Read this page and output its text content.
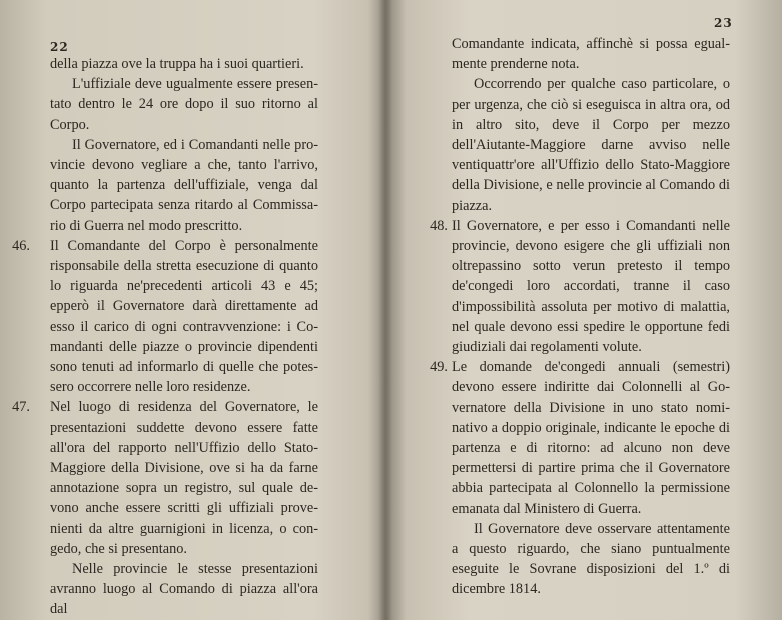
22

della piazza ove la truppa ha i suoi quartieri.

L'uffiziale deve ugualmente essere presentato dentro le 24 ore dopo il suo ritorno al Corpo.

Il Governatore, ed i Comandanti nelle provincie devono vegliare a che, tanto l'arrivo, quanto la partenza dell'uffiziale, venga dal Corpo partecipata senza ritardo al Commissario di Guerra nel modo prescritto.

46. Il Comandante del Corpo è personalmente risponsabile della stretta esecuzione di quanto lo riguarda ne'precedenti articoli 43 e 45; epperò il Governatore darà direttamente ad esso il carico di ogni contravvenzione: i Comandanti delle piazze o provincie dipendenti sono tenuti ad informarlo di quelle che potessero occorrere nelle loro residenze.

47. Nel luogo di residenza del Governatore, le presentazioni suddette devono essere fatte all'ora del rapporto nell'Uffizio dello Stato-Maggiore della Divisione, ove si ha da farne annotazione sopra un registro, sul quale devono anche essere scritti gli uffiziali provenienti da altre guarnigioni in licenza, o congedo, che si presentano.

Nelle provincie le stesse presentazioni avranno luogo al Comando di piazza all'ora dal

23

Comandante indicata, affinchè si possa egualmente prenderne nota.

Occorrendo per qualche caso particolare, o per urgenza, che ciò si eseguisca in altra ora, od in altro sito, deve il Corpo per mezzo dell'Aiutante-Maggiore darne avviso nelle ventiquattr'ore all'Uffizio dello Stato-Maggiore della Divisione, e nelle provincie al Comando di piazza.

48. Il Governatore, e per esso i Comandanti nelle provincie, devono esigere che gli uffiziali non oltrepassino sotto verun pretesto il tempo de'congedi loro accordati, tranne il caso d'impossibilità assoluta per motivo di malattia, nel quale devono essi spedire le opportune fedi giudiziali dai regolamenti volute.

49. Le domande de'congedi annuali (semestri) devono essere indiritte dai Colonnelli al Governatore della Divisione in uno stato nominativo a doppio originale, indicante le epoche di partenza e di ritorno: ad alcuno non deve permettersi di partire prima che il Governatore abbia partecipata al Colonnello la permissione emanata dal Ministero di Guerra.

Il Governatore deve osservare attentamente a questo riguardo, che siano puntualmente eseguite le Sovrane disposizioni del 1.º di dicembre 1814.
